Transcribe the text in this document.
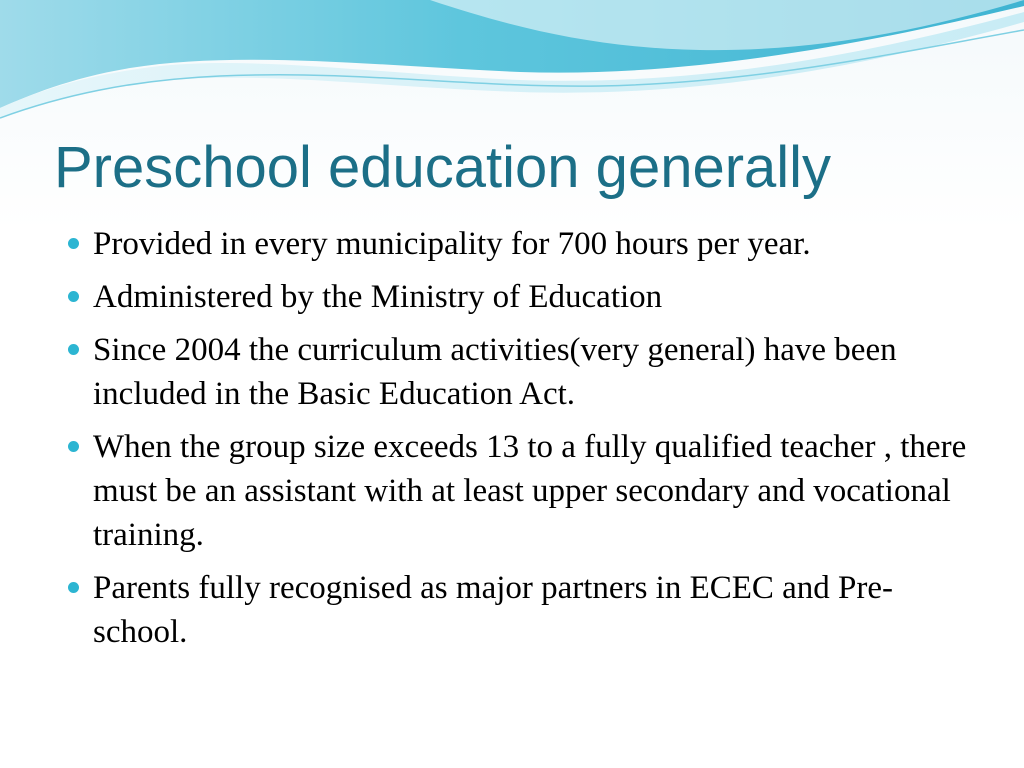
Preschool education generally
Provided in every municipality for 700 hours per year.
Administered by the Ministry of Education
Since 2004 the curriculum activities(very general) have been included in the Basic Education Act.
When the group size exceeds 13 to a fully qualified teacher , there must be an assistant with at least upper secondary and vocational training.
Parents fully recognised as major partners in ECEC and Pre-school.
